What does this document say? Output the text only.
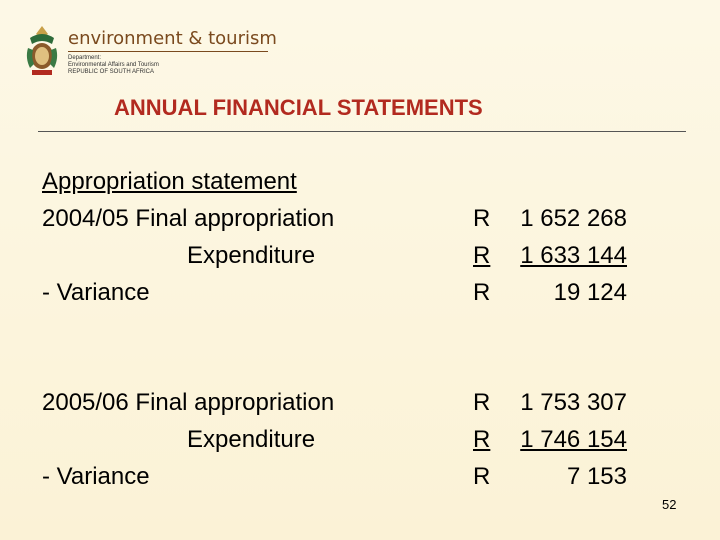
environment & tourism
Department:
Environmental Affairs and Tourism
REPUBLIC OF SOUTH AFRICA
ANNUAL FINANCIAL STATEMENTS
Appropriation statement
2004/05 Final appropriation
Expenditure
- Variance
R 1 652 268
R 1 633 144
R	19 124
2005/06 Final appropriation
Expenditure
- Variance
R 1 753 307
R 1 746 154
R	7 153
52
